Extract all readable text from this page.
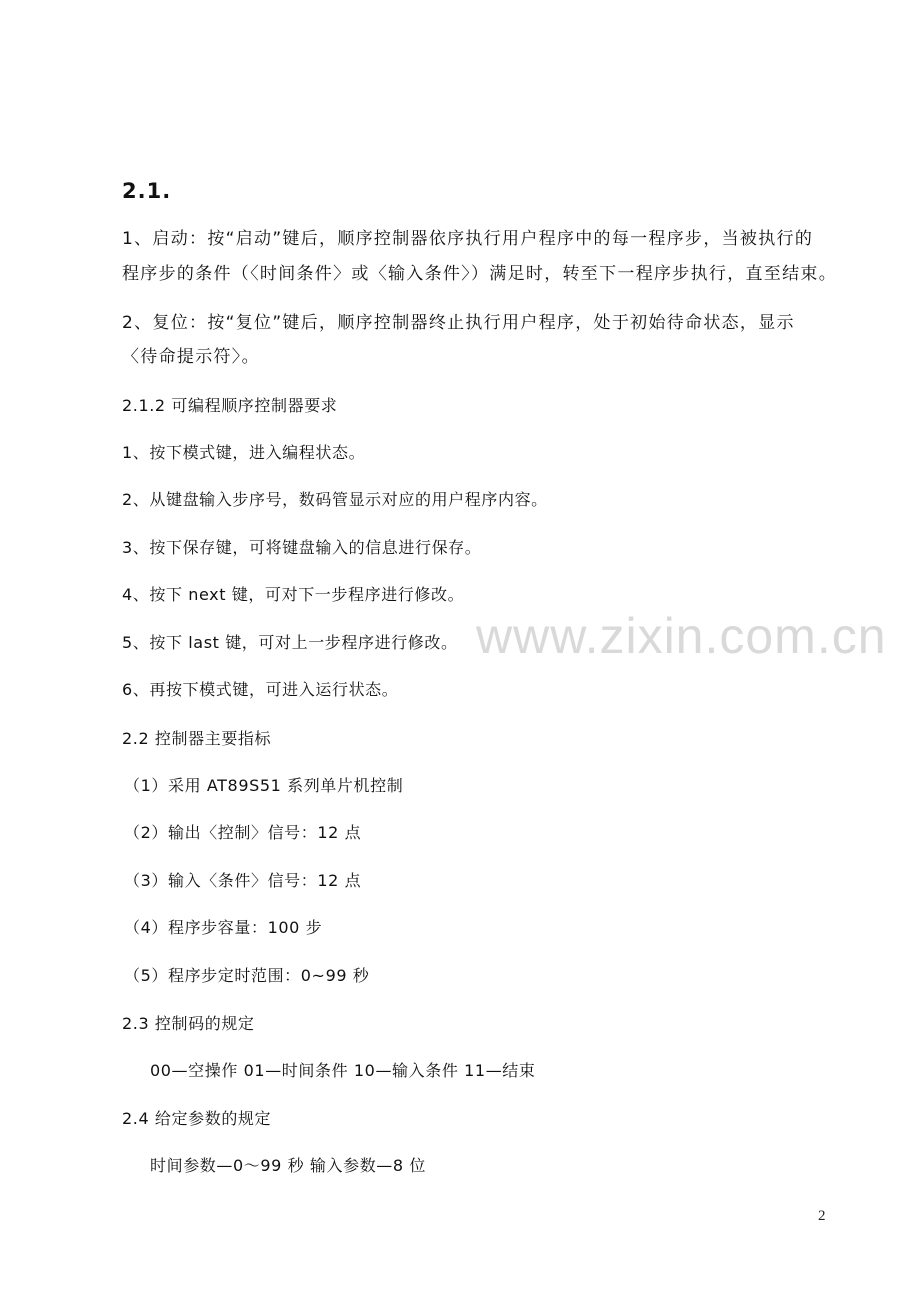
2.1.
1、启动：按“启动”键后，顺序控制器依序执行用户程序中的每一程序步，当被执行的
程序步的条件（〈时间条件〉或〈输入条件〉）满足时，转至下一程序步执行，直至结束。
2、复位：按“复位”键后，顺序控制器终止执行用户程序，处于初始待命状态，显示
〈待命提示符〉。
2.1.2 可编程顺序控制器要求
1、按下模式键，进入编程状态。
2、从键盘输入步序号，数码管显示对应的用户程序内容。
3、按下保存键，可将键盘输入的信息进行保存。
4、按下 next 键，可对下一步程序进行修改。
5、按下 last 键，可对上一步程序进行修改。
6、再按下模式键，可进入运行状态。
2.2 控制器主要指标
（1）采用 AT89S51 系列单片机控制
（2）输出〈控制〉信号：12 点
（3）输入〈条件〉信号：12 点
（4）程序步容量：100 步
（5）程序步定时范围：0~99 秒
2.3 控制码的规定
00—空操作 01—时间条件 10—输入条件 11—结束
2.4 给定参数的规定
时间参数—0～99 秒 输入参数—8 位
www.zixin.com.cn
2
